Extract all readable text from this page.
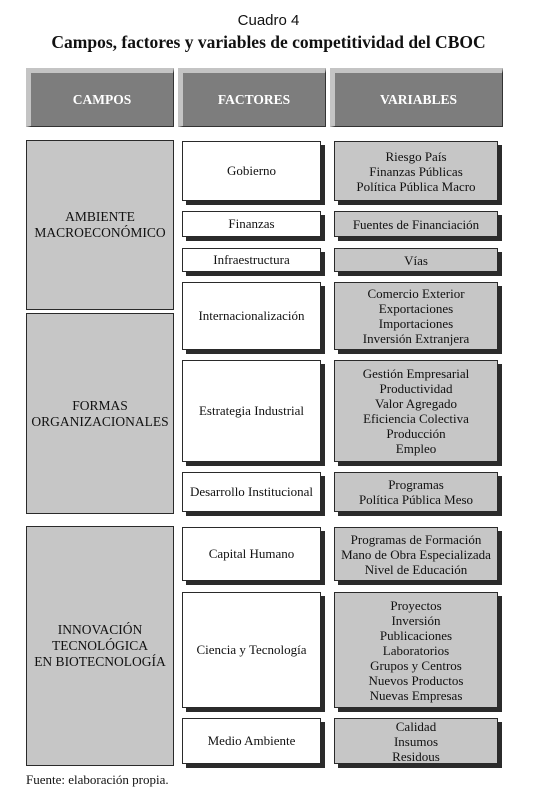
Cuadro 4
Campos, factores y variables de competitividad del CBOC
CAMPOS	FACTORES	VARIABLES
AMBIENTE
MACROECONÓMICO
FORMAS
ORGANIZACIONALES
INNOVACIÓN
TECNOLÓGICA
EN BIOTECNOLOGÍA
Gobierno
Finanzas
Infraestructura
Internacionalización
Estrategia Industrial
Desarrollo Institucional
Capital Humano
Ciencia y Tecnología
Medio Ambiente
Riesgo País
Finanzas Públicas
Política Pública Macro
Fuentes de Financiación
Vías
Comercio Exterior
Exportaciones
Importaciones
Inversión Extranjera
Gestión Empresarial
Productividad
Valor Agregado
Eficiencia Colectiva
Producción
Empleo
Programas
Política Pública Meso
Programas de Formación
Mano de Obra Especializada
Nivel de Educación
Proyectos
Inversión
Publicaciones
Laboratorios
Grupos y Centros
Nuevos Productos
Nuevas Empresas
Calidad
Insumos
Residous
Fuente: elaboración propia.
